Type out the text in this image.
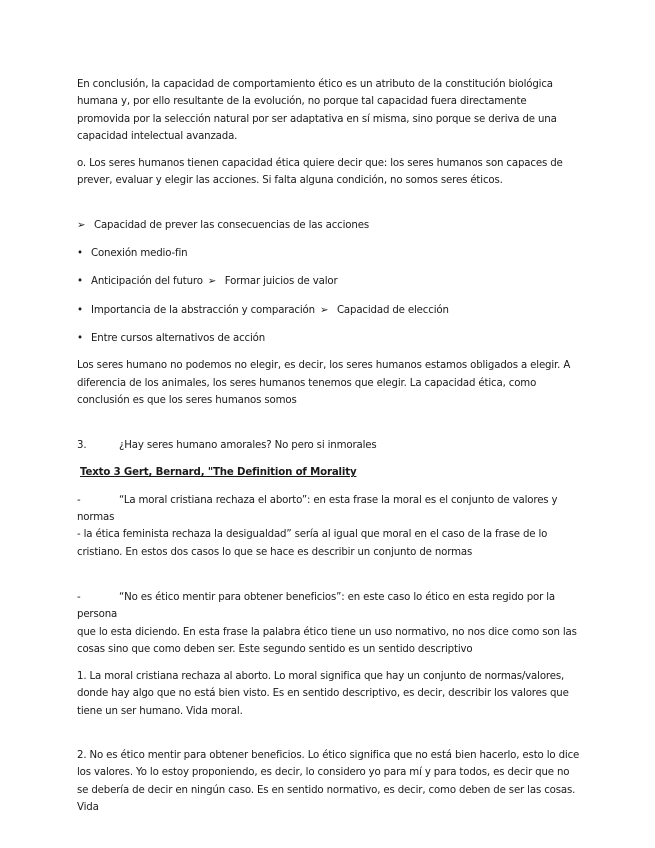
En conclusión, la capacidad de comportamiento ético es un atributo de la constitución biológica humana y, por ello resultante de la evolución, no porque tal capacidad fuera directamente promovida por la selección natural por ser adaptativa en sí misma, sino porque se deriva de una capacidad intelectual avanzada.

o. Los seres humanos tienen capacidad ética quiere decir que: los seres humanos son capaces de prever, evaluar y elegir las acciones. Si falta alguna condición, no somos seres éticos.

➢ Capacidad de prever las consecuencias de las acciones
• Conexión medio-fin
• Anticipación del futuro ➢ Formar juicios de valor
• Importancia de la abstracción y comparación ➢ Capacidad de elección
• Entre cursos alternativos de acción

Los seres humano no podemos no elegir, es decir, los seres humanos estamos obligados a elegir. A diferencia de los animales, los seres humanos tenemos que elegir. La capacidad ética, como conclusión es que los seres humanos somos

3.	¿Hay seres humano amorales? No pero si inmorales

Texto 3 Gert, Bernard, "The Definition of Morality

-	“La moral cristiana rechaza el aborto”: en esta frase la moral es el conjunto de valores y normas

- la ética feminista rechaza la desigualdad” sería al igual que moral en el caso de la frase de lo cristiano. En estos dos casos lo que se hace es describir un conjunto de normas

-	“No es ético mentir para obtener beneficios”: en este caso lo ético en esta regido por la persona

que lo esta diciendo. En esta frase la palabra ético tiene un uso normativo, no nos dice como son las cosas sino que como deben ser. Este segundo sentido es un sentido descriptivo

1. La moral cristiana rechaza al aborto. Lo moral significa que hay un conjunto de normas/valores, donde hay algo que no está bien visto. Es en sentido descriptivo, es decir, describir los valores que tiene un ser humano. Vida moral.

2. No es ético mentir para obtener beneficios. Lo ético significa que no está bien hacerlo, esto lo dice los valores. Yo lo estoy proponiendo, es decir, lo considero yo para mí y para todos, es decir que no se debería de decir en ningún caso. Es en sentido normativo, es decir, como deben de ser las cosas. Vida
